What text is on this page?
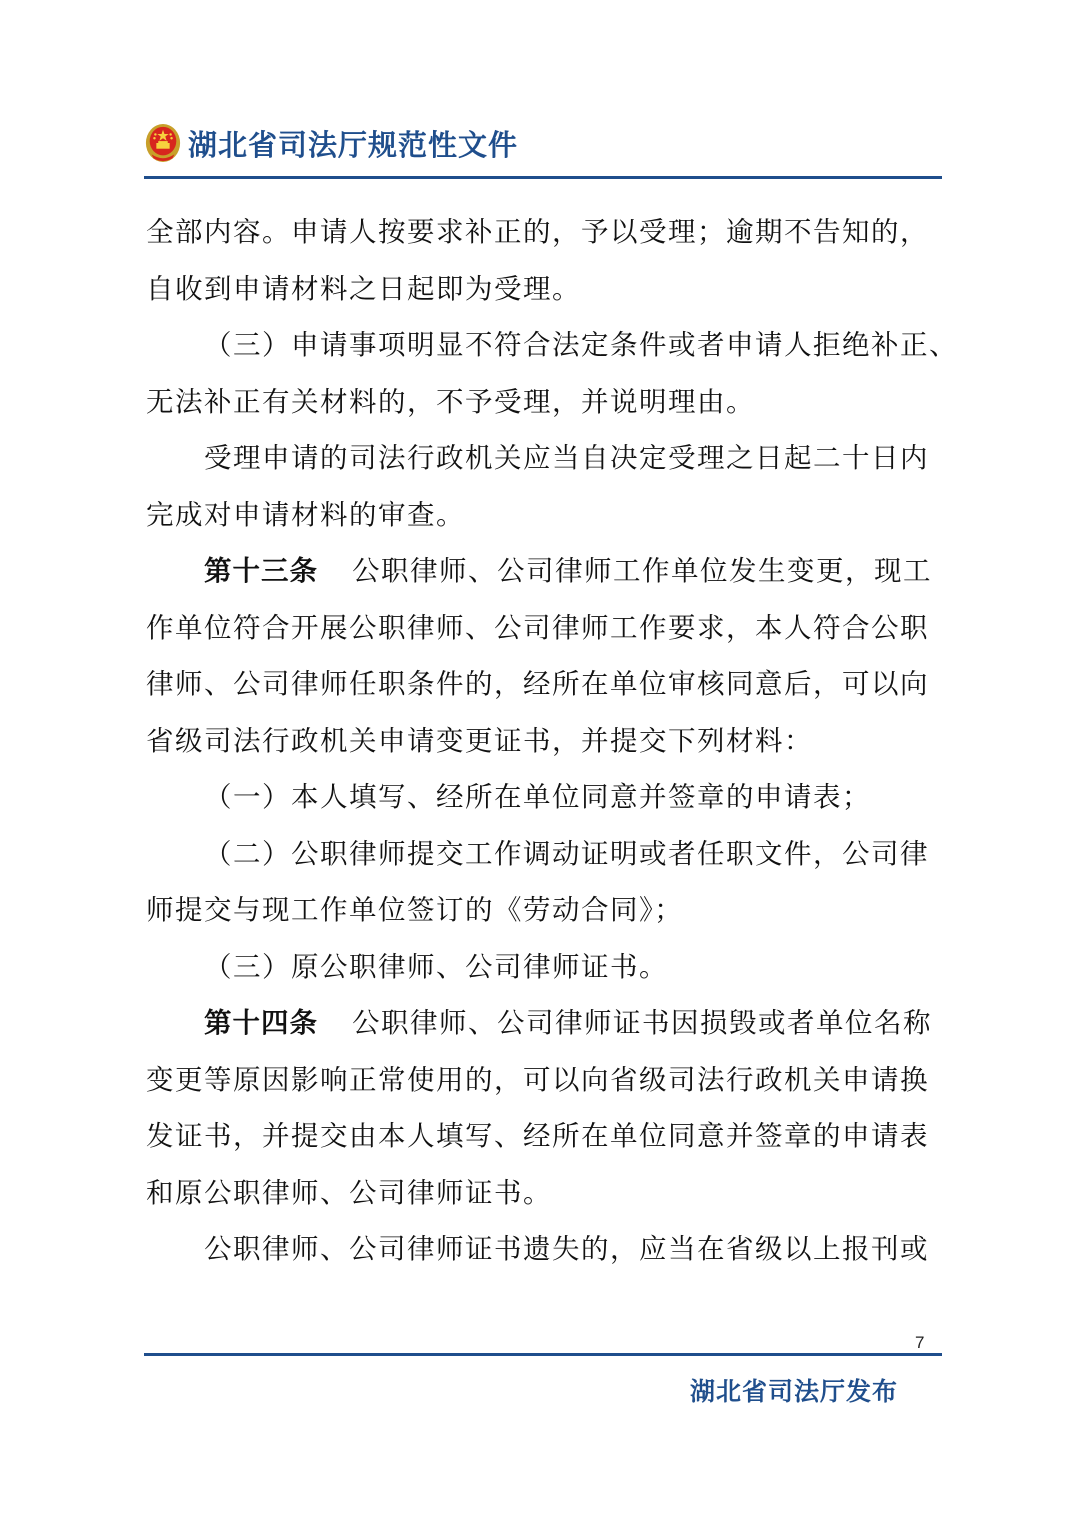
湖北省司法厅规范性文件
全部内容。申请人按要求补正的，予以受理；逾期不告知的，
自收到申请材料之日起即为受理。
（三）申请事项明显不符合法定条件或者申请人拒绝补正、
无法补正有关材料的，不予受理，并说明理由。
受理申请的司法行政机关应当自决定受理之日起二十日内
完成对申请材料的审查。
第十三条 公职律师、公司律师工作单位发生变更，现工
作单位符合开展公职律师、公司律师工作要求，本人符合公职
律师、公司律师任职条件的，经所在单位审核同意后，可以向
省级司法行政机关申请变更证书，并提交下列材料：
（一）本人填写、经所在单位同意并签章的申请表；
（二）公职律师提交工作调动证明或者任职文件，公司律
师提交与现工作单位签订的《劳动合同》；
（三）原公职律师、公司律师证书。
第十四条 公职律师、公司律师证书因损毁或者单位名称
变更等原因影响正常使用的，可以向省级司法行政机关申请换
发证书，并提交由本人填写、经所在单位同意并签章的申请表
和原公职律师、公司律师证书。
公职律师、公司律师证书遗失的，应当在省级以上报刊或
7
湖北省司法厅发布
